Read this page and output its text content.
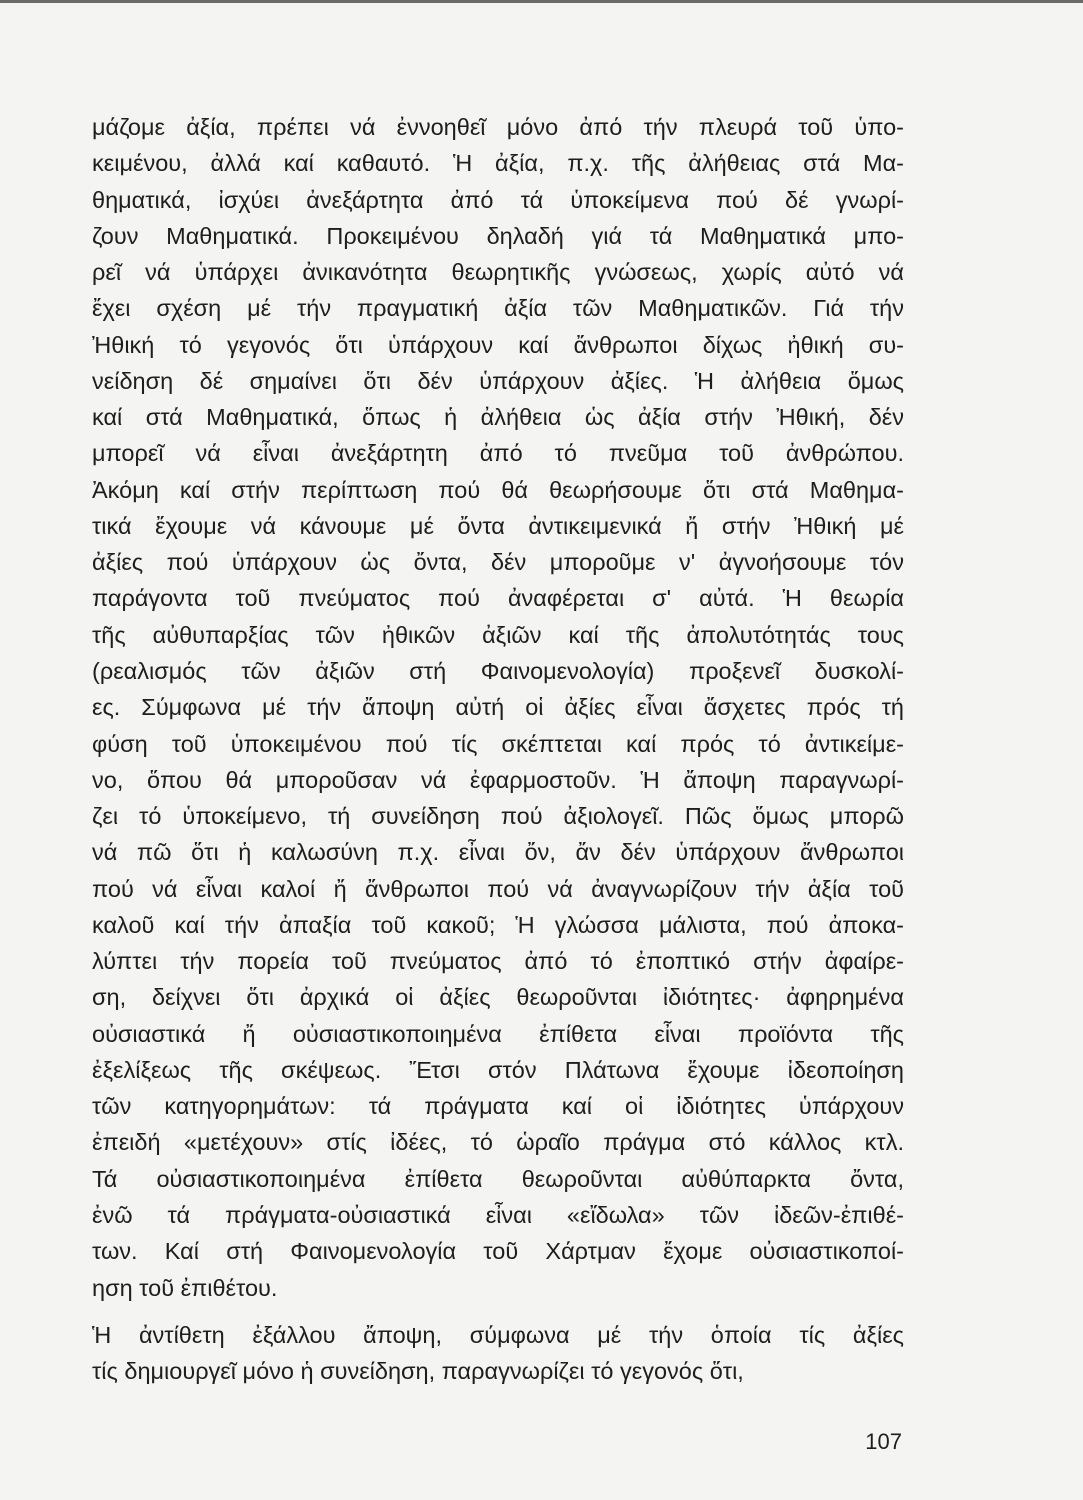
μάζομε ἀξία, πρέπει νά ἐννοηθεῖ μόνο ἀπό τήν πλευρά τοῦ ὑπο-
κειμένου, ἀλλά καί καθαυτό. Ἡ ἀξία, π.χ. τῆς ἀλήθειας στά Μα-
θηματικά, ἰσχύει ἀνεξάρτητα ἀπό τά ὑποκείμενα πού δέ γνωρί-
ζουν Μαθηματικά. Προκειμένου δηλαδή γιά τά Μαθηματικά μπο-
ρεῖ νά ὑπάρχει ἀνικανότητα θεωρητικῆς γνώσεως, χωρίς αὐτό νά
ἔχει σχέση μέ τήν πραγματική ἀξία τῶν Μαθηματικῶν. Γιά τήν
Ἠθική τό γεγονός ὅτι ὑπάρχουν καί ἄνθρωποι δίχως ἠθική συ-
νείδηση δέ σημαίνει ὅτι δέν ὑπάρχουν ἀξίες. Ἡ ἀλήθεια ὅμως
καί στά Μαθηματικά, ὅπως ἡ ἀλήθεια ὡς ἀξία στήν Ἠθική, δέν
μπορεῖ νά εἶναι ἀνεξάρτητη ἀπό τό πνεῦμα τοῦ ἀνθρώπου.
Ἀκόμη καί στήν περίπτωση πού θά θεωρήσουμε ὅτι στά Μαθημα-
τικά ἔχουμε νά κάνουμε μέ ὄντα ἀντικειμενικά ἤ στήν Ἠθική μέ
ἀξίες πού ὑπάρχουν ὡς ὄντα, δέν μποροῦμε ν' ἀγνοήσουμε τόν
παράγοντα τοῦ πνεύματος πού ἀναφέρεται σ' αὐτά. Ἡ θεωρία
τῆς αὐθυπαρξίας τῶν ἠθικῶν ἀξιῶν καί τῆς ἀπολυτότητάς τους
(ρεαλισμός τῶν ἀξιῶν στή Φαινομενολογία) προξενεῖ δυσκολί-
ες. Σύμφωνα μέ τήν ἄποψη αὐτή οἱ ἀξίες εἶναι ἄσχετες πρός τή
φύση τοῦ ὑποκειμένου πού τίς σκέπτεται καί πρός τό ἀντικείμε-
νο, ὅπου θά μποροῦσαν νά ἐφαρμοστοῦν. Ἡ ἄποψη παραγνωρί-
ζει τό ὑποκείμενο, τή συνείδηση πού ἀξιολογεῖ. Πῶς ὅμως μπορῶ
νά πῶ ὅτι ἡ καλωσύνη π.χ. εἶναι ὄν, ἄν δέν ὑπάρχουν ἄνθρωποι
πού νά εἶναι καλοί ἤ ἄνθρωποι πού νά ἀναγνωρίζουν τήν ἀξία τοῦ
καλοῦ καί τήν ἀπαξία τοῦ κακοῦ; Ἡ γλώσσα μάλιστα, πού ἀποκα-
λύπτει τήν πορεία τοῦ πνεύματος ἀπό τό ἐποπτικό στήν ἀφαίρε-
ση, δείχνει ὅτι ἀρχικά οἱ ἀξίες θεωροῦνται ἰδιότητες· ἀφηρημένα
οὐσιαστικά ἤ οὐσιαστικοποιημένα ἐπίθετα εἶναι προϊόντα τῆς
ἐξελίξεως τῆς σκέψεως. Ἔτσι στόν Πλάτωνα ἔχουμε ἰδεοποίηση
τῶν κατηγορημάτων: τά πράγματα καί οἱ ἰδιότητες ὑπάρχουν
ἐπειδή «μετέχουν» στίς ἰδέες, τό ὡραῖο πράγμα στό κάλλος κτλ.
Τά οὐσιαστικοποιημένα ἐπίθετα θεωροῦνται αὐθύπαρκτα ὄντα,
ἐνῶ τά πράγματα-οὐσιαστικά εἶναι «εἴδωλα» τῶν ἰδεῶν-ἐπιθέ-
των. Καί στή Φαινομενολογία τοῦ Χάρτμαν ἔχομε οὐσιαστικοποί-
ηση τοῦ ἐπιθέτου.
Ἡ ἀντίθετη ἐξάλλου ἄποψη, σύμφωνα μέ τήν ὁποία τίς ἀξίες
τίς δημιουργεῖ μόνο ἡ συνείδηση, παραγνωρίζει τό γεγονός ὅτι,
107
